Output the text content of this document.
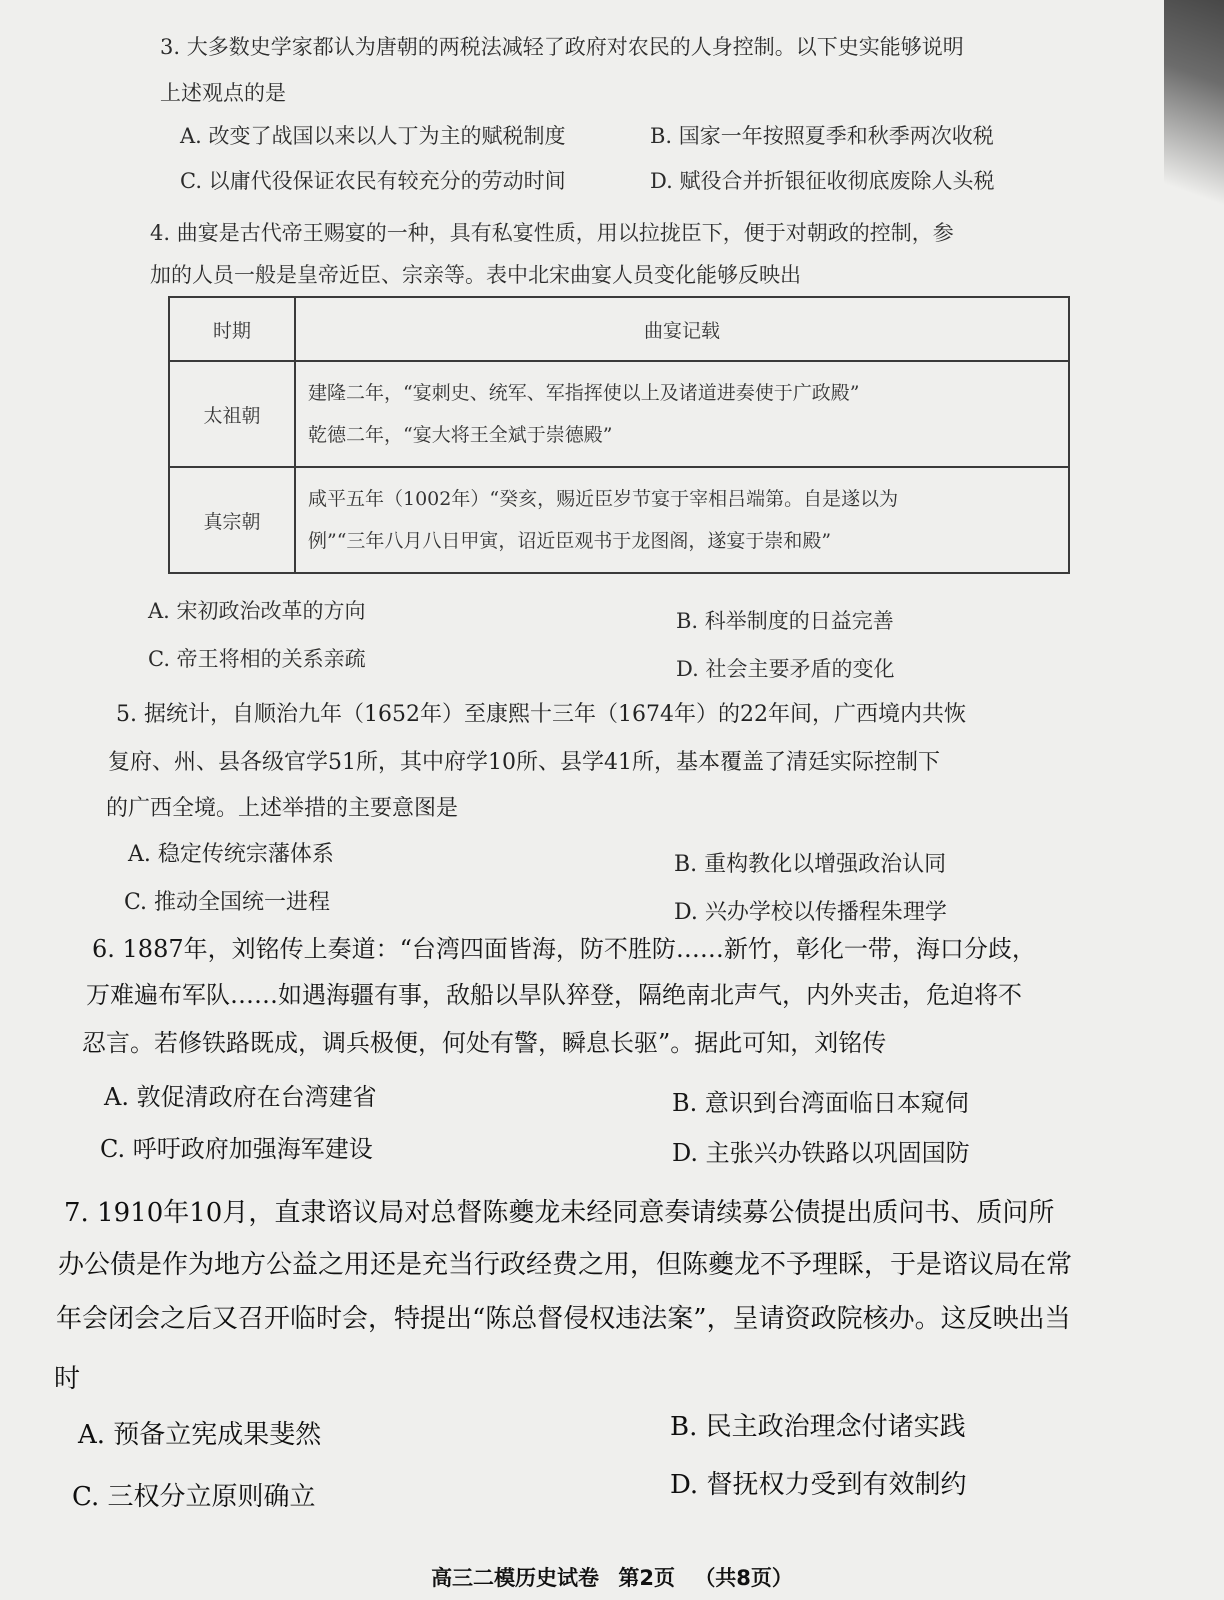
3. 大多数史学家都认为唐朝的两税法减轻了政府对农民的人身控制。以下史实能够说明
上述观点的是
A. 改变了战国以来以人丁为主的赋税制度	B. 国家一年按照夏季和秋季两次收税
C. 以庸代役保证农民有较充分的劳动时间	D. 赋役合并折银征收彻底废除人头税
4. 曲宴是古代帝王赐宴的一种，具有私宴性质，用以拉拢臣下，便于对朝政的控制，参
加的人员一般是皇帝近臣、宗亲等。表中北宋曲宴人员变化能够反映出
时期	曲宴记载
太祖朝	建隆二年，“宴刺史、统军、军指挥使以上及诸道进奏使于广政殿”
乾德二年，“宴大将王全斌于崇德殿”

真宗朝	咸平五年（1002年）“癸亥，赐近臣岁节宴于宰相吕端第。自是遂以为
例”“三年八月八日甲寅，诏近臣观书于龙图阁，遂宴于崇和殿”
A. 宋初政治改革的方向	B. 科举制度的日益完善
C. 帝王将相的关系亲疏	D. 社会主要矛盾的变化
5. 据统计，自顺治九年（1652年）至康熙十三年（1674年）的22年间，广西境内共恢
复府、州、县各级官学51所，其中府学10所、县学41所，基本覆盖了清廷实际控制下
的广西全境。上述举措的主要意图是
A. 稳定传统宗藩体系	B. 重构教化以增强政治认同
C. 推动全国统一进程	D. 兴办学校以传播程朱理学
6. 1887年，刘铭传上奏道：“台湾四面皆海，防不胜防……新竹，彰化一带，海口分歧，
万难遍布军队……如遇海疆有事，敌船以旱队猝登，隔绝南北声气，内外夹击，危迫将不
忍言。若修铁路既成，调兵极便，何处有警，瞬息长驱”。据此可知，刘铭传
A. 敦促清政府在台湾建省	B. 意识到台湾面临日本窥伺
C. 呼吁政府加强海军建设	D. 主张兴办铁路以巩固国防
7. 1910年10月，直隶谘议局对总督陈夔龙未经同意奏请续募公债提出质问书、质问所
办公债是作为地方公益之用还是充当行政经费之用，但陈夔龙不予理睬，于是谘议局在常
年会闭会之后又召开临时会，特提出“陈总督侵权违法案”，呈请资政院核办。这反映出当
时
A. 预备立宪成果斐然	B. 民主政治理念付诸实践
C. 三权分立原则确立	D. 督抚权力受到有效制约
高三二模历史试卷 第2页 （共8页）
